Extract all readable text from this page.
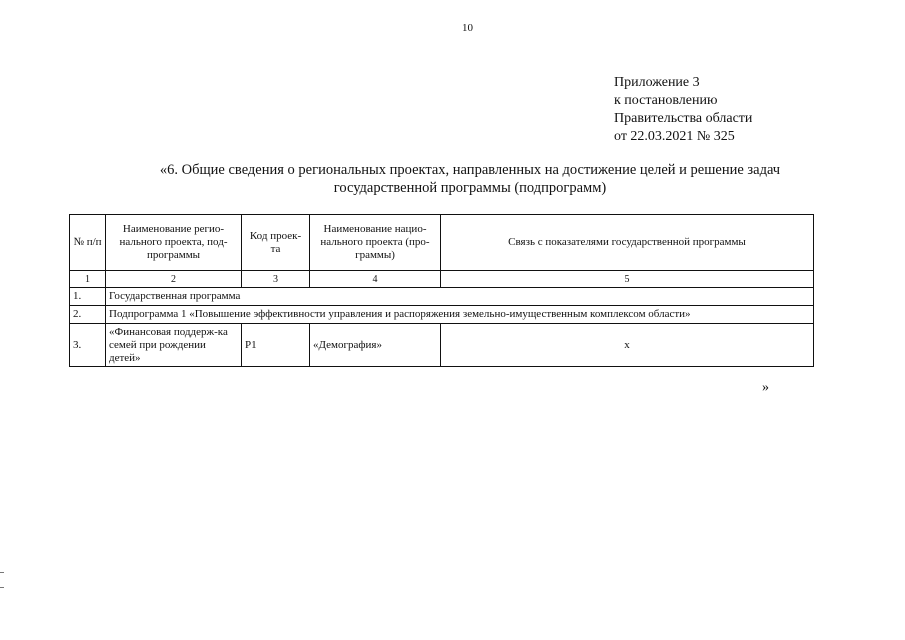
10
Приложение 3
к постановлению
Правительства области
от 22.03.2021 № 325
«6. Общие сведения о региональных проектах, направленных на достижение целей и решение задач
государственной программы (подпрограмм)
№ п/п	Наименование регио-нального проекта, под-программы	Код проек-та	Наименование нацио-нального проекта (про-граммы)	Связь с показателями государственной программы
1	2	3	4	5
1.	Государственная программа			
2.	Подпрограмма 1 «Повышение эффективности управления и распоряжения земельно-имущественным комплексом области»			
3.	«Финансовая поддерж-ка семей при рождении детей»	P1	«Демография»	х
»
